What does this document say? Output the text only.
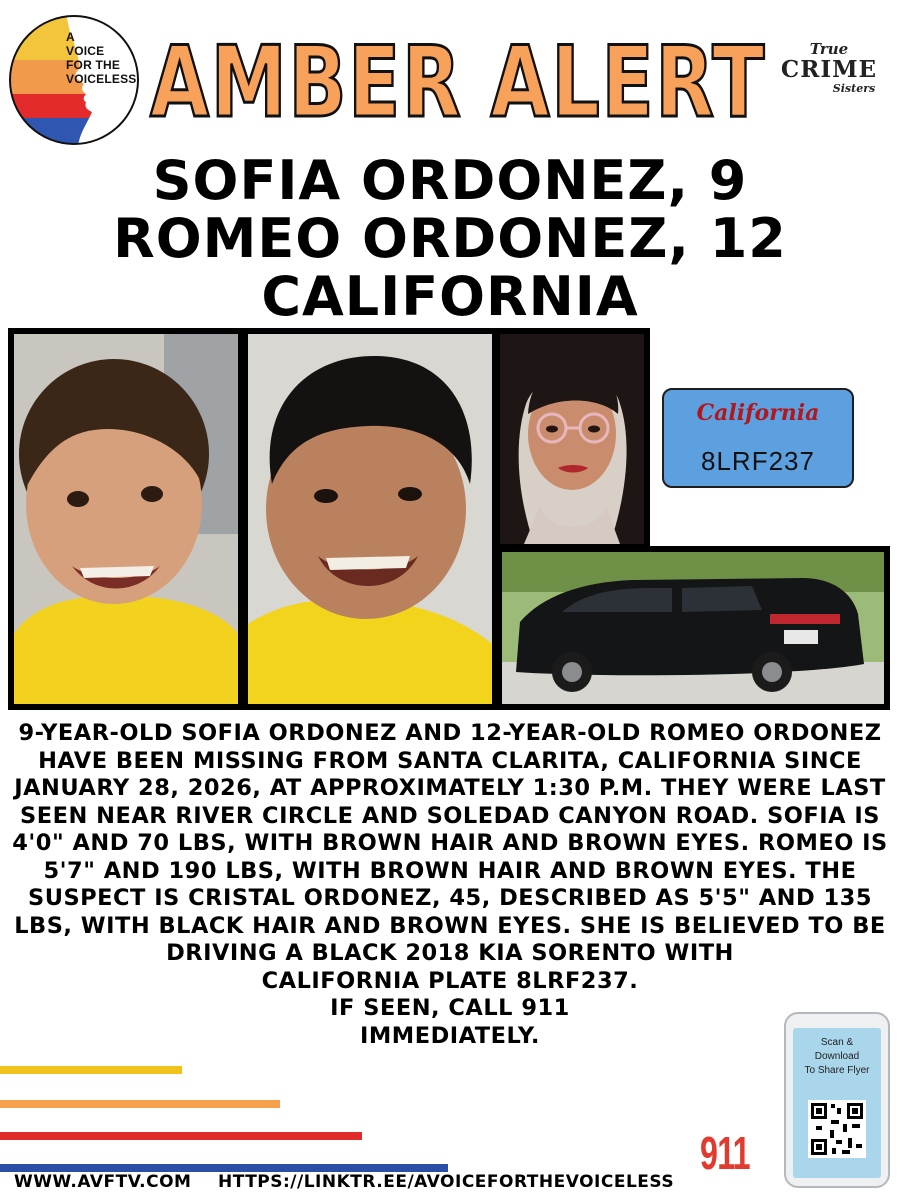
A
VOICE
FOR THE
VOICELESS AMBER ALERT	True
CRIME
Sisters
SOFIA ORDONEZ, 9
ROMEO ORDONEZ, 12
CALIFORNIA
California
8LRF237

9-YEAR-OLD SOFIA ORDONEZ AND 12-YEAR-OLD ROMEO ORDONEZ HAVE BEEN MISSING FROM SANTA CLARITA, CALIFORNIA SINCE JANUARY 28, 2026, AT APPROXIMATELY 1:30 P.M. THEY WERE LAST SEEN NEAR RIVER CIRCLE AND SOLEDAD CANYON ROAD. SOFIA IS 4'0" AND 70 LBS, WITH BROWN HAIR AND BROWN EYES. ROMEO IS 5'7" AND 190 LBS, WITH BROWN HAIR AND BROWN EYES. THE SUSPECT IS CRISTAL ORDONEZ, 45, DESCRIBED AS 5'5" AND 135 LBS, WITH BLACK HAIR AND BROWN EYES. SHE IS BELIEVED TO BE DRIVING A BLACK 2018 KIA SORENTO WITH

CALIFORNIA PLATE 8LRF237.

IF SEEN, CALL 911

IMMEDIATELY.

911
Scan &
Download
To Share Flyer
WWW.AVFTV.COM HTTPS://LINKTR.EE/AVOICEFORTHEVOICELESS
